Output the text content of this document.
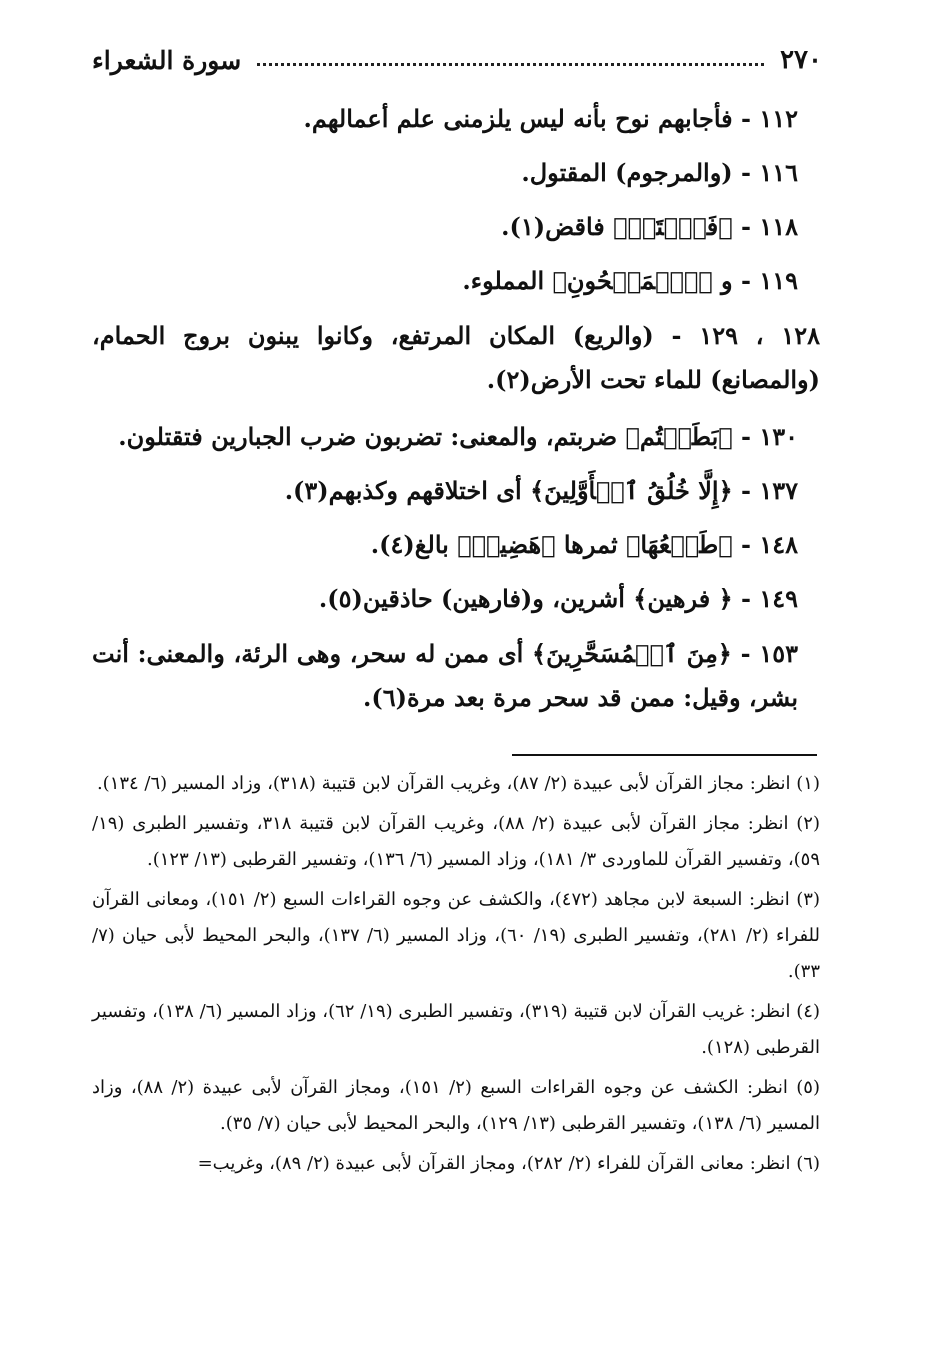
٢٧٠
سورة الشعراء
١١٢ - فأجابهم نوح بأنه ليس يلزمنى علم أعمالهم.
١١٦ - (والمرجوم) المقتول.
١١٨ - ﴿فَٱفۡتَحۡ﴾ فاقض(١).
١١٩ - و ﴿ٱلۡمَشۡحُونِ﴾ المملوء.
١٢٨ ، ١٢٩ - (والريع) المكان المرتفع، وكانوا يبنون بروج الحمام، (والمصانع) للماء تحت الأرض(٢).
١٣٠ - ﴿بَطَشۡتُم﴾ ضربتم، والمعنى: تضربون ضرب الجبارين فتقتلون.
١٣٧ - ﴿إِلَّا خُلُقُ ٱلۡأَوَّلِينَ﴾ أى اختلاقهم وكذبهم(٣).
١٤٨ - ﴿طَلۡعُهَا﴾ ثمرها ﴿هَضِيمٞ﴾ بالغ(٤).
١٤٩ - ﴿ فرهين﴾ أشرين، و(فارهين) حاذقين(٥).
١٥٣ - ﴿مِنَ ٱلۡمُسَحَّرِينَ﴾ أى ممن له سحر، وهى الرئة، والمعنى: أنت بشر، وقيل: ممن قد سحر مرة بعد مرة(٦).
(١) انظر: مجاز القرآن لأبى عبيدة (٢/ ٨٧)، وغريب القرآن لابن قتيبة (٣١٨)، وزاد المسير (٦/ ١٣٤).
(٢) انظر: مجاز القرآن لأبى عبيدة (٢/ ٨٨)، وغريب القرآن لابن قتيبة ٣١٨، وتفسير الطبرى (١٩/ ٥٩)، وتفسير القرآن للماوردى ٣/ ١٨١)، وزاد المسير (٦/ ١٣٦)، وتفسير القرطبى (١٣/ ١٢٣).
(٣) انظر: السبعة لابن مجاهد (٤٧٢)، والكشف عن وجوه القراءات السبع (٢/ ١٥١)، ومعانى القرآن للفراء (٢/ ٢٨١)، وتفسير الطبرى (١٩/ ٦٠)، وزاد المسير (٦/ ١٣٧)، والبحر المحيط لأبى حيان (٧/ ٣٣).
(٤) انظر: غريب القرآن لابن قتيبة (٣١٩)، وتفسير الطبرى (١٩/ ٦٢)، وزاد المسير (٦/ ١٣٨)، وتفسير القرطبى (١٢٨).
(٥) انظر: الكشف عن وجوه القراءات السبع (٢/ ١٥١)، ومجاز القرآن لأبى عبيدة (٢/ ٨٨)، وزاد المسير (٦/ ١٣٨)، وتفسير القرطبى (١٣/ ١٢٩)، والبحر المحيط لأبى حيان (٧/ ٣٥).
(٦) انظر: معانى القرآن للفراء (٢/ ٢٨٢)، ومجاز القرآن لأبى عبيدة (٢/ ٨٩)، وغريب=
